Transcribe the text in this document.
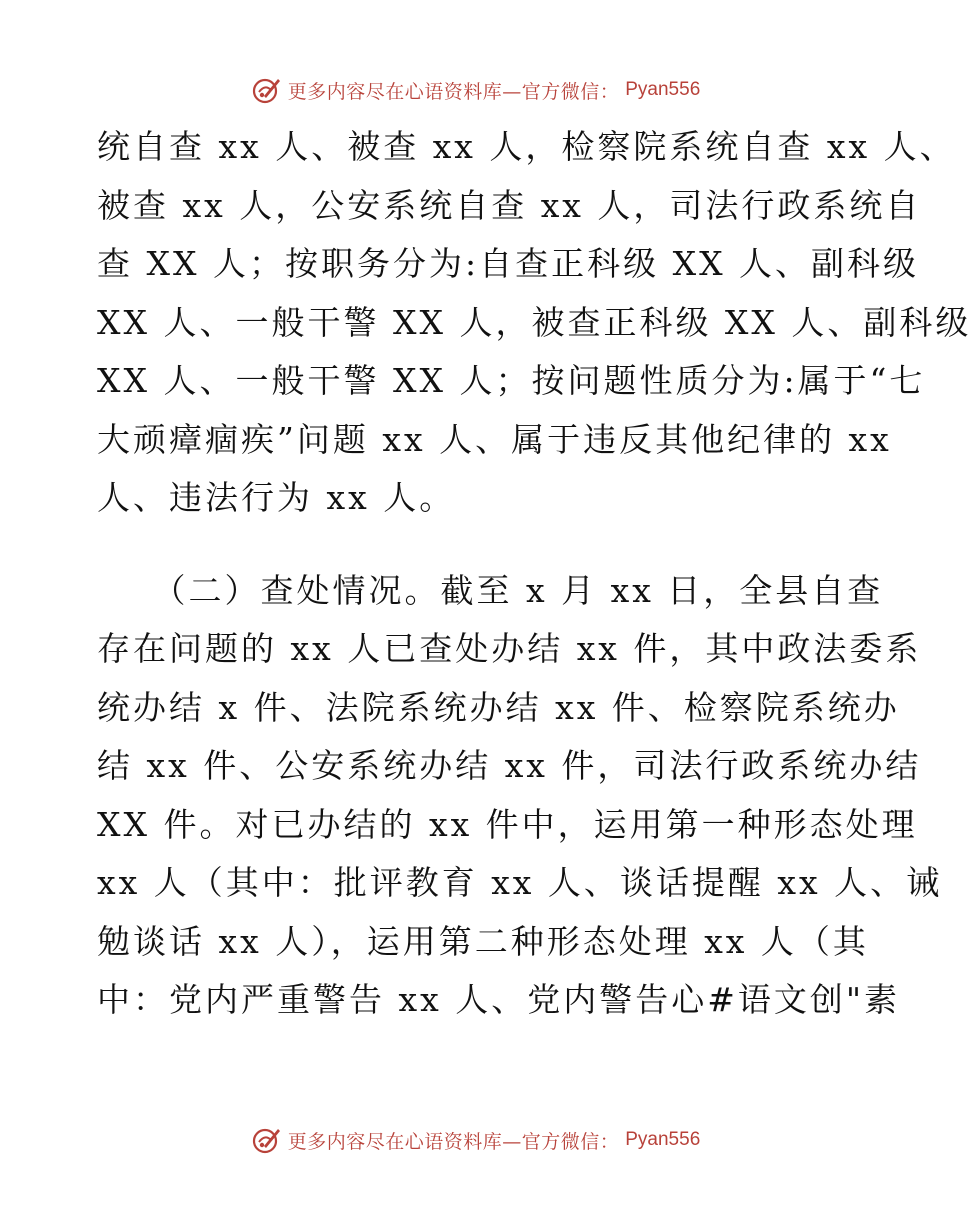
更多内容尽在心语资料库—官方微信： Pyan556
统自查 xx 人、被查 xx 人，检察院系统自查 xx 人、
被查 xx 人，公安系统自查 xx 人，司法行政系统自
查 XX 人；按职务分为:自查正科级 XX 人、副科级
XX 人、一般干警 XX 人，被查正科级 XX 人、副科级
XX 人、一般干警 XX 人；按问题性质分为:属于“七
大顽瘴痼疾”问题 xx 人、属于违反其他纪律的 xx
人、违法行为 xx 人。
　　（二）查处情况。截至 x 月 xx 日，全县自查
存在问题的 xx 人已查处办结 xx 件，其中政法委系
统办结 x 件、法院系统办结 xx 件、检察院系统办
结 xx 件、公安系统办结 xx 件，司法行政系统办结
XX 件。对已办结的 xx 件中，运用第一种形态处理
xx 人（其中：批评教育 xx 人、谈话提醒 xx 人、诫
勉谈话 xx 人），运用第二种形态处理 xx 人（其
中：党内严重警告 xx 人、党内警告心#语文创"素
更多内容尽在心语资料库—官方微信： Pyan556
